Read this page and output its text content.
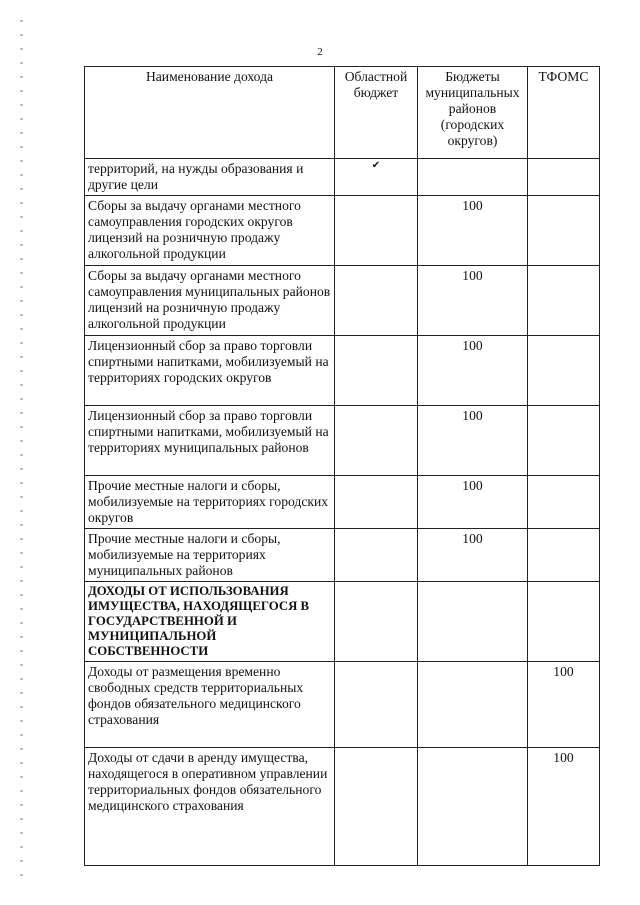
2
Наименование дохода	Областной бюджет	Бюджеты муниципальных районов (городских округов)	ТФОМС
территорий, на нужды образования и другие цели	✔		

Сборы за выдачу органами местного самоуправления городских округов лицензий на розничную продажу алкогольной продукции		100	
Сборы за выдачу органами местного самоуправления муниципальных районов лицензий на розничную продажу алкогольной продукции		100	
Лицензионный сбор за право торговли спиртными напитками, мобилизуемый на территориях городских округов		100	
Лицензионный сбор за право торговли спиртными напитками, мобилизуемый на территориях муниципальных районов		100	
Прочие местные налоги и сборы, мобилизуемые на территориях городских округов		100	
Прочие местные налоги и сборы, мобилизуемые на территориях муниципальных районов		100	
ДОХОДЫ ОТ ИСПОЛЬЗОВАНИЯ ИМУЩЕСТВА, НАХОДЯЩЕГОСЯ В ГОСУДАРСТВЕННОЙ И МУНИЦИПАЛЬНОЙ СОБСТВЕННОСТИ			
Доходы от размещения временно свободных средств территориальных фондов обязательного медицинского страхования			100
Доходы от сдачи в аренду имущества, находящегося в оперативном управлении территориальных фондов обязательного медицинского страхования			100
